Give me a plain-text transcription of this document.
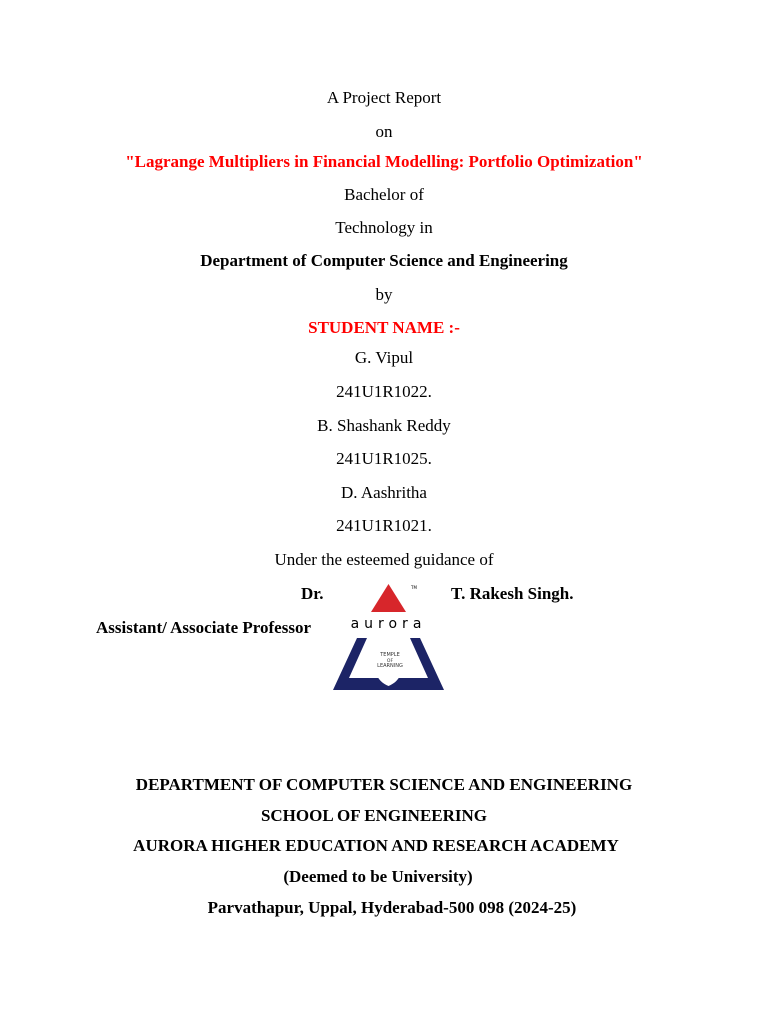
A Project Report
on
"Lagrange Multipliers in Financial Modelling: Portfolio Optimization"
Bachelor of
Technology in
Department of Computer Science and Engineering
by
STUDENT NAME :-
G. Vipul
241U1R1022.
B. Shashank Reddy
241U1R1025.
D. Aashritha
241U1R1021.
Under the esteemed guidance of
Dr.	T. Rakesh Singh.
Assistant/ Associate Professor
TM
aurora
TEMPLE
OF
LEARNING
DEPARTMENT OF COMPUTER SCIENCE AND ENGINEERING
SCHOOL OF ENGINEERING
AURORA HIGHER EDUCATION AND RESEARCH ACADEMY
(Deemed to be University)
Parvathapur, Uppal, Hyderabad-500 098 (2024-25)
